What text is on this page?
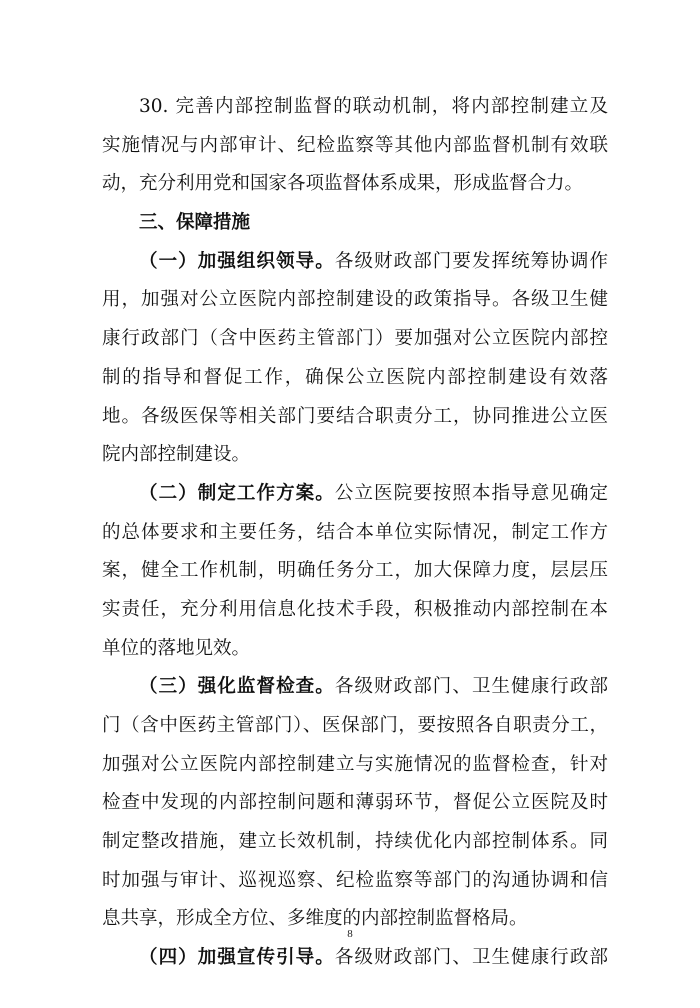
30. 完善内部控制监督的联动机制，将内部控制建立及
实施情况与内部审计、纪检监察等其他内部监督机制有效联
动，充分利用党和国家各项监督体系成果，形成监督合力。
三、保障措施
（一）加强组织领导。各级财政部门要发挥统筹协调作
用，加强对公立医院内部控制建设的政策指导。各级卫生健
康行政部门（含中医药主管部门）要加强对公立医院内部控
制的指导和督促工作，确保公立医院内部控制建设有效落
地。各级医保等相关部门要结合职责分工，协同推进公立医
院内部控制建设。
（二）制定工作方案。公立医院要按照本指导意见确定
的总体要求和主要任务，结合本单位实际情况，制定工作方
案，健全工作机制，明确任务分工，加大保障力度，层层压
实责任，充分利用信息化技术手段，积极推动内部控制在本
单位的落地见效。
（三）强化监督检查。各级财政部门、卫生健康行政部
门（含中医药主管部门）、医保部门，要按照各自职责分工，
加强对公立医院内部控制建立与实施情况的监督检查，针对
检查中发现的内部控制问题和薄弱环节，督促公立医院及时
制定整改措施，建立长效机制，持续优化内部控制体系。同
时加强与审计、巡视巡察、纪检监察等部门的沟通协调和信
息共享，形成全方位、多维度的内部控制监督格局。
（四）加强宣传引导。各级财政部门、卫生健康行政部
8
